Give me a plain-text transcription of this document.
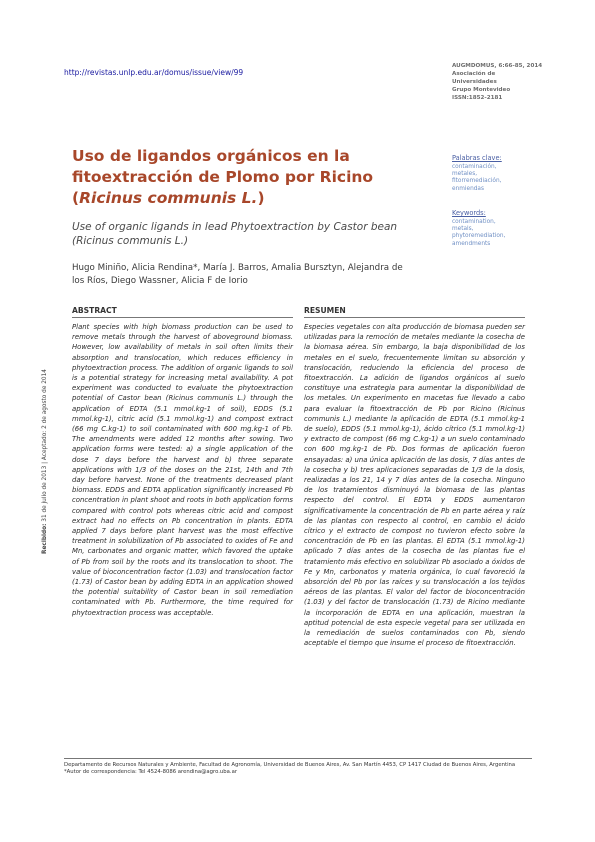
http://revistas.unlp.edu.ar/domus/issue/view/99
AUGMDOMUS, 6:66-85, 2014
Asociación de
Universidades
Grupo Montevideo
ISSN:1852-2181
Uso de ligandos orgánicos en la fitoextracción de Plomo por Ricino (Ricinus communis L.)
Use of organic ligands in lead Phytoextraction by Castor bean (Ricinus communis L.)
Hugo Miniño, Alicia Rendina*, María J. Barros, Amalia Bursztyn, Alejandra de los Ríos, Diego Wassner, Alicia F de Iorio
Palabras clave:
contaminación,
metales,
fitorremediación,
enmiendas
Keywords:
contamination,
metals,
phytoremediation,
amendments
ABSTRACT
Plant species with high biomass production can be used to remove metals through the harvest of aboveground biomass. However, low availability of metals in soil often limits their absorption and translocation, which reduces efficiency in phytoextraction process. The addition of organic ligands to soil is a potential strategy for increasing metal availability. A pot experiment was conducted to evaluate the phytoextraction potential of Castor bean (Ricinus communis L.) through the application of EDTA (5.1 mmol.kg-1 of soil), EDDS (5.1 mmol.kg-1), citric acid (5.1 mmol.kg-1) and compost extract (66 mg C.kg-1) to soil contaminated with 600 mg.kg-1 of Pb. The amendments were added 12 months after sowing. Two application forms were tested: a) a single application of the dose 7 days before the harvest and b) three separate applications with 1/3 of the doses on the 21st, 14th and 7th day before harvest. None of the treatments decreased plant biomass. EDDS and EDTA application significantly increased Pb concentration in plant shoot and roots in both application forms compared with control pots whereas citric acid and compost extract had no effects on Pb concentration in plants. EDTA applied 7 days before plant harvest was the most effective treatment in solubilization of Pb associated to oxides of Fe and Mn, carbonates and organic matter, which favored the uptake of Pb from soil by the roots and its translocation to shoot. The value of bioconcentration factor (1.03) and translocation factor (1.73) of Castor bean by adding EDTA in an application showed the potential suitability of Castor bean in soil remediation contaminated with Pb. Furthermore, the time required for phytoextraction process was acceptable.
RESUMEN
Especies vegetales con alta producción de biomasa pueden ser utilizadas para la remoción de metales mediante la cosecha de la biomasa aérea. Sin embargo, la baja disponibilidad de los metales en el suelo, frecuentemente limitan su absorción y translocación, reduciendo la eficiencia del proceso de fitoextracción. La adición de ligandos orgánicos al suelo constituye una estrategia para aumentar la disponibilidad de los metales. Un experimento en macetas fue llevado a cabo para evaluar la fitoextracción de Pb por Ricino (Ricinus communis L.) mediante la aplicación de EDTA (5.1 mmol.kg-1 de suelo), EDDS (5.1 mmol.kg-1), ácido cítrico (5.1 mmol.kg-1) y extracto de compost (66 mg C.kg-1) a un suelo contaminado con 600 mg.kg-1 de Pb. Dos formas de aplicación fueron ensayadas: a) una única aplicación de las dosis, 7 días antes de la cosecha y b) tres aplicaciones separadas de 1/3 de la dosis, realizadas a los 21, 14 y 7 días antes de la cosecha. Ninguno de los tratamientos disminuyó la biomasa de las plantas respecto del control. El EDTA y EDDS aumentaron significativamente la concentración de Pb en parte aérea y raíz de las plantas con respecto al control, en cambio el ácido cítrico y el extracto de compost no tuvieron efecto sobre la concentración de Pb en las plantas. El EDTA (5.1 mmol.kg-1) aplicado 7 días antes de la cosecha de las plantas fue el tratamiento más efectivo en solubilizar Pb asociado a óxidos de Fe y Mn, carbonatos y materia orgánica, lo cual favoreció la absorción del Pb por las raíces y su translocación a los tejidos aéreos de las plantas. El valor del factor de bioconcentración (1.03) y del factor de translocación (1.73) de Ricino mediante la incorporación de EDTA en una aplicación, muestran la aptitud potencial de esta especie vegetal para ser utilizada en la remediación de suelos contaminados con Pb, siendo aceptable el tiempo que insume el proceso de fitoextracción.
Recibido: 31 de julio de 2013 | Aceptado: 2 de agosto de 2014
Departamento de Recursos Naturales y Ambiente, Facultad de Agronomía, Universidad de Buenos Aires, Av. San Martín 4453, CP 1417 Ciudad de Buenos Aires, Argentina
*Autor de correspondencia: Tel 4524-8086 arendina@agro.uba.ar
